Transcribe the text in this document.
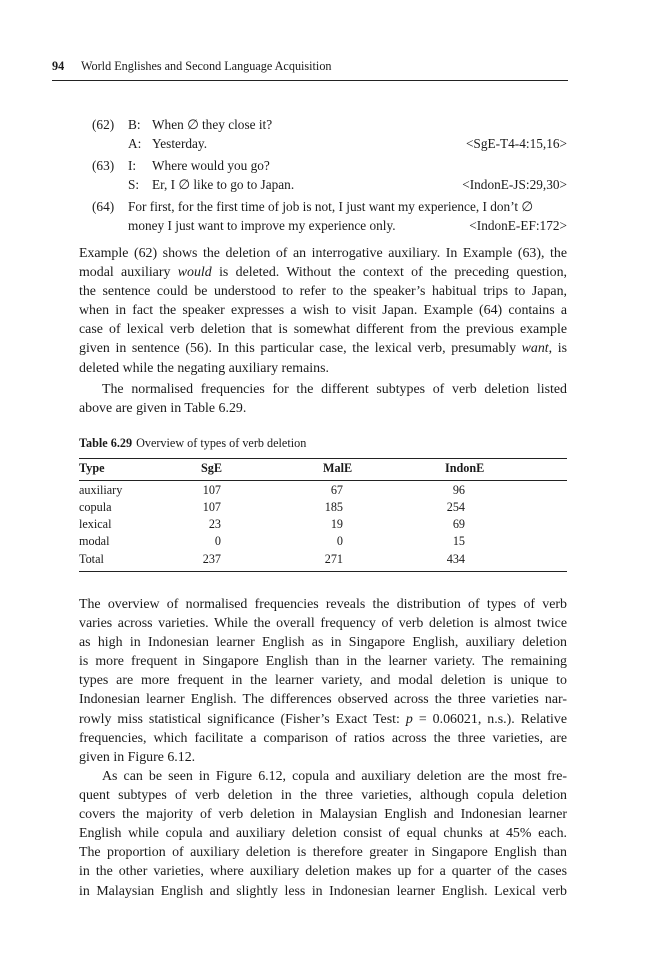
94 World Englishes and Second Language Acquisition
(62) B: When ∅ they close it?
A: Yesterday.	<SgE-T4-4:15,16>
(63) I: Where would you go?
S: Er, I ∅ like to go to Japan.	<IndonE-JS:29,30>
(64) For first, for the first time of job is not, I just want my experience, I don’t ∅
money I just want to improve my experience only.	<IndonE-EF:172>
Example (62) shows the deletion of an interrogative auxiliary. In Example (63), the
modal auxiliary would is deleted. Without the context of the preceding question,
the sentence could be understood to refer to the speaker’s habitual trips to Japan,
when in fact the speaker expresses a wish to visit Japan. Example (64) contains a
case of lexical verb deletion that is somewhat different from the previous example
given in sentence (56). In this particular case, the lexical verb, presumably want, is
deleted while the negating auxiliary remains.
The normalised frequencies for the different subtypes of verb deletion listed
above are given in Table 6.29.
Table 6.29 Overview of types of verb deletion
Type	SgE	MalE	IndonE
auxiliary	107	67	96
copula	107	185	254
lexical	23	19	69
modal	0	0	15
Total	237	271	434
The overview of normalised frequencies reveals the distribution of types of verb
varies across varieties. While the overall frequency of verb deletion is almost twice
as high in Indonesian learner English as in Singapore English, auxiliary deletion
is more frequent in Singapore English than in the learner variety. The remaining
types are more frequent in the learner variety, and modal deletion is unique to
Indonesian learner English. The differences observed across the three varieties nar-
rowly miss statistical significance (Fisher’s Exact Test: p = 0.06021, n.s.). Relative
frequencies, which facilitate a comparison of ratios across the three varieties, are
given in Figure 6.12.
As can be seen in Figure 6.12, copula and auxiliary deletion are the most fre-
quent subtypes of verb deletion in the three varieties, although copula deletion
covers the majority of verb deletion in Malaysian English and Indonesian learner
English while copula and auxiliary deletion consist of equal chunks at 45% each.
The proportion of auxiliary deletion is therefore greater in Singapore English than
in the other varieties, where auxiliary deletion makes up for a quarter of the cases
in Malaysian English and slightly less in Indonesian learner English. Lexical verb
